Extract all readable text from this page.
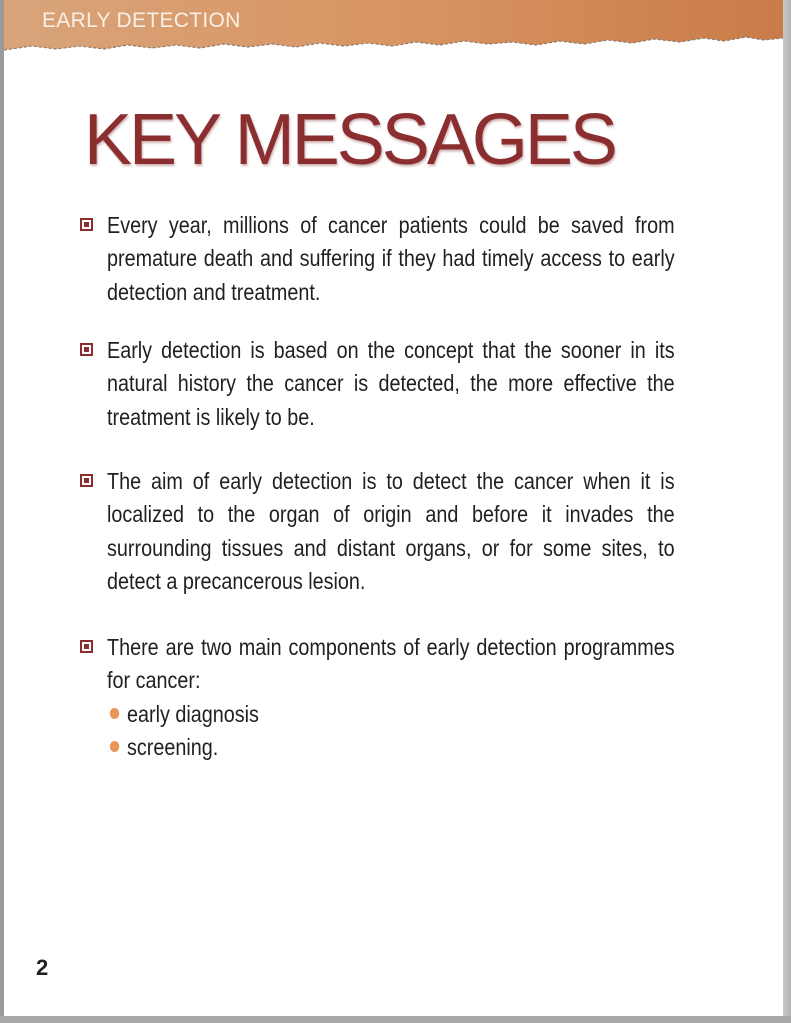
EARLY DETECTION
KEY MESSAGES
Every year, millions of cancer patients could be saved from premature death and suffering if they had timely access to early detection and treatment.
Early detection is based on the concept that the sooner in its natural history the cancer is detected, the more effective the treatment is likely to be.
The aim of early detection is to detect the cancer when it is localized to the organ of origin and before it invades the surrounding tissues and distant organs, or for some sites, to detect a precancerous lesion.
There are two main components of early detection programmes for cancer:
early diagnosis
screening.
2
